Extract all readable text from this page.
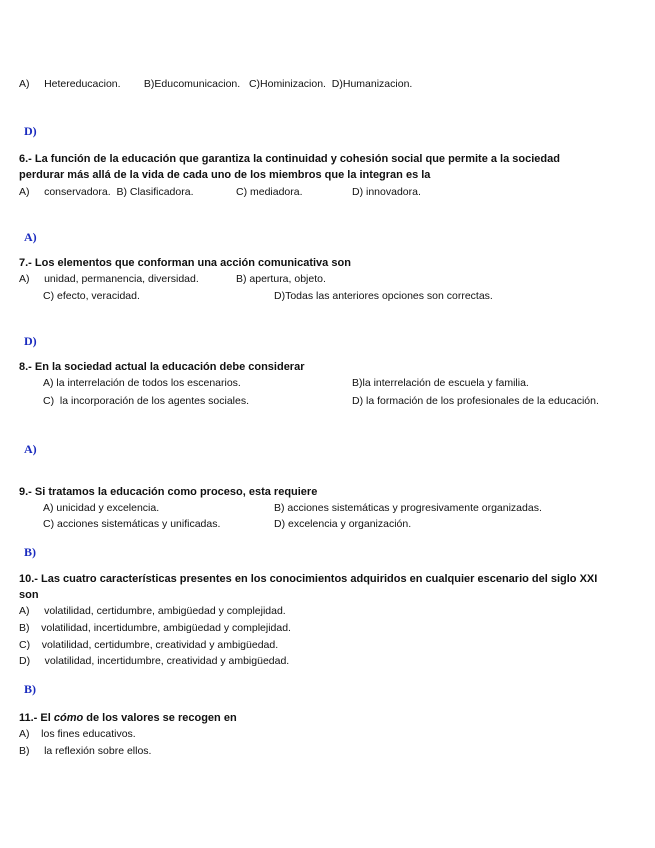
A)     Hetereducacion.        B)Educomunicacion.   C)Hominizacion.  D)Humanizacion.
D)
6.- La función de la educación que garantiza la continuidad y cohesión social que permite a la sociedad
perdurar más allá de la vida de cada uno de los miembros que la integran es la
A)     conservadora.  B) Clasificadora.	C) mediadora.	D) innovadora.
A)
7.- Los elementos que conforman una acción comunicativa son
A)     unidad, permanencia, diversidad.	B) apertura, objeto.
C) efecto, veracidad.	D)Todas las anteriores opciones son correctas.
D)
8.- En la sociedad actual la educación debe considerar
A) la interrelación de todos los escenarios.	B)la interrelación de escuela y familia.
C)  la incorporación de los agentes sociales.	D) la formación de los profesionales de la educación.
A)
9.- Si tratamos la educación como proceso, esta requiere
A) unicidad y excelencia.	B) acciones sistemáticas y progresivamente organizadas.
C) acciones sistemáticas y unificadas.	D) excelencia y organización.
B)
10.- Las cuatro características presentes en los conocimientos adquiridos en cualquier escenario del siglo XXI
son
A)     volatilidad, certidumbre, ambigüedad y complejidad.
B)    volatilidad, incertidumbre, ambigüedad y complejidad.
C)    volatilidad, certidumbre, creatividad y ambigüedad.
D)     volatilidad, incertidumbre, creatividad y ambigüedad.
B)
11.- El cómo de los valores se recogen en
A)    los fines educativos.
B)     la reflexión sobre ellos.
